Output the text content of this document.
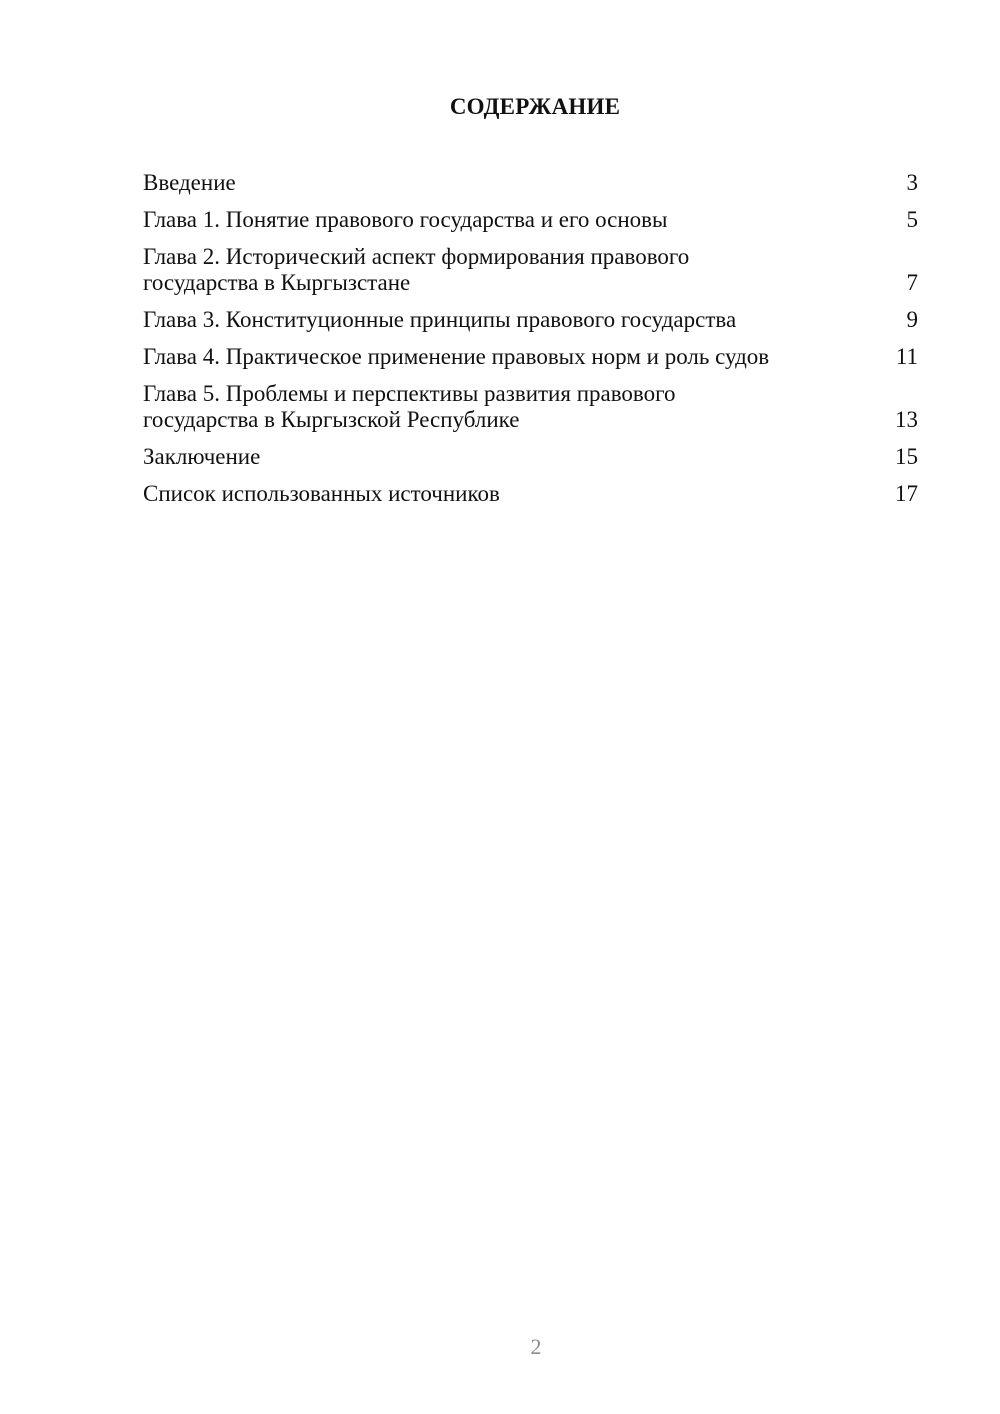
СОДЕРЖАНИЕ
Введение	3
Глава 1. Понятие правового государства и его основы	5
Глава 2. Исторический аспект формирования правового государства в Кыргызстане	7
Глава 3. Конституционные принципы правового государства	9
Глава 4. Практическое применение правовых норм и роль судов	11
Глава 5. Проблемы и перспективы развития правового государства в Кыргызской Республике	13
Заключение	15
Список использованных источников	17
2
